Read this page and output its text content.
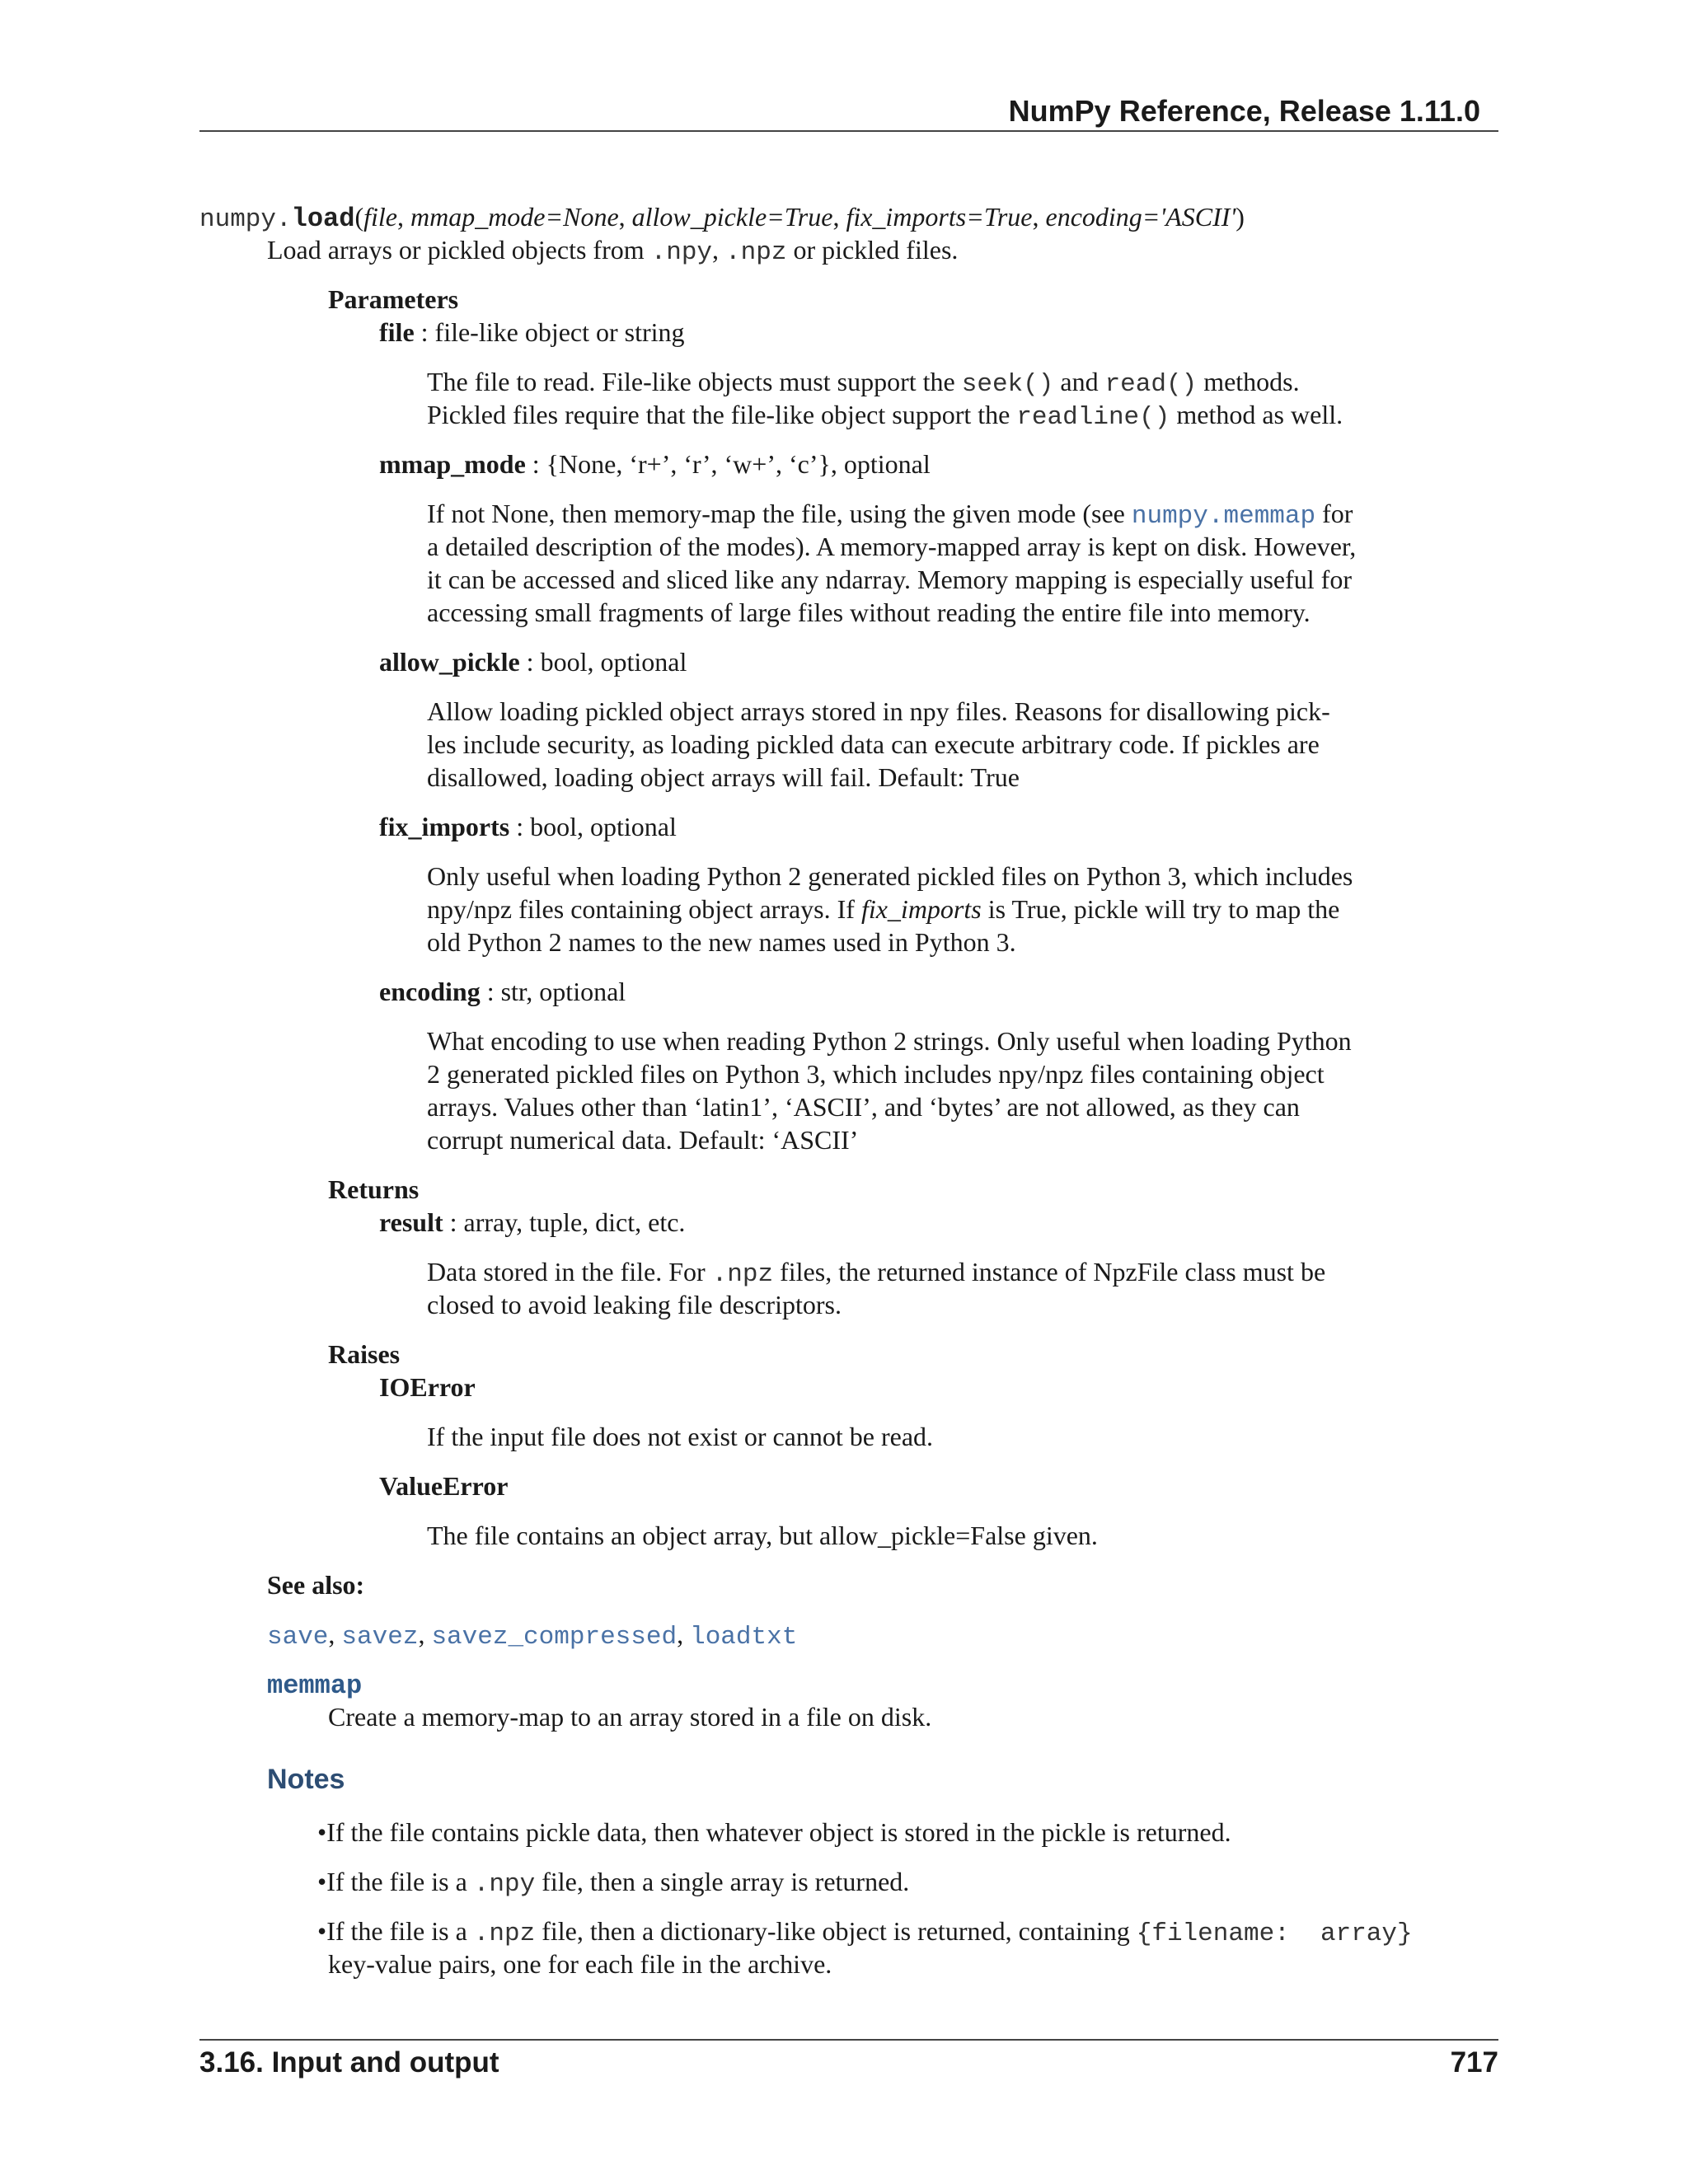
NumPy Reference, Release 1.11.0
numpy.load(file, mmap_mode=None, allow_pickle=True, fix_imports=True, encoding='ASCII')
Load arrays or pickled objects from .npy, .npz or pickled files.
Parameters
file : file-like object or string
The file to read. File-like objects must support the seek() and read() methods.
Pickled files require that the file-like object support the readline() method as well.
mmap_mode : {None, ‘r+’, ‘r’, ‘w+’, ‘c’}, optional
If not None, then memory-map the file, using the given mode (see numpy.memmap for
a detailed description of the modes). A memory-mapped array is kept on disk. However,
it can be accessed and sliced like any ndarray. Memory mapping is especially useful for
accessing small fragments of large files without reading the entire file into memory.
allow_pickle : bool, optional
Allow loading pickled object arrays stored in npy files. Reasons for disallowing pick-
les include security, as loading pickled data can execute arbitrary code. If pickles are
disallowed, loading object arrays will fail. Default: True
fix_imports : bool, optional
Only useful when loading Python 2 generated pickled files on Python 3, which includes
npy/npz files containing object arrays. If fix_imports is True, pickle will try to map the
old Python 2 names to the new names used in Python 3.
encoding : str, optional
What encoding to use when reading Python 2 strings. Only useful when loading Python
2 generated pickled files on Python 3, which includes npy/npz files containing object
arrays. Values other than ‘latin1’, ‘ASCII’, and ‘bytes’ are not allowed, as they can
corrupt numerical data. Default: ‘ASCII’
Returns
result : array, tuple, dict, etc.
Data stored in the file. For .npz files, the returned instance of NpzFile class must be
closed to avoid leaking file descriptors.
Raises
IOError
If the input file does not exist or cannot be read.
ValueError
The file contains an object array, but allow_pickle=False given.
See also:
save, savez, savez_compressed, loadtxt
memmap
Create a memory-map to an array stored in a file on disk.
Notes
•If the file contains pickle data, then whatever object is stored in the pickle is returned.
•If the file is a .npy file, then a single array is returned.
•If the file is a .npz file, then a dictionary-like object is returned, containing {filename:  array}
key-value pairs, one for each file in the archive.
3.16. Input and output	717
